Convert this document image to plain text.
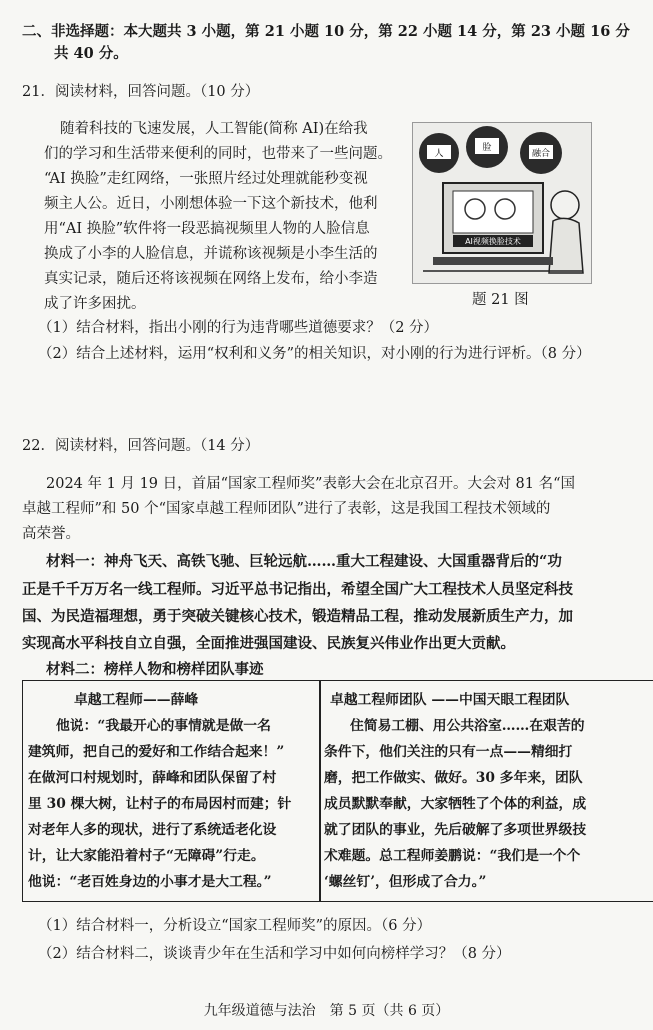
二、非选择题：本大题共 3 小题，第 21 小题 10 分，第 22 小题 14 分，第 23 小题 16 分
共 40 分。
21．阅读材料，回答问题。（10 分）
随着科技的飞速发展，人工智能(简称 AI)在给我
们的学习和生活带来便利的同时，也带来了一些问题。
“AI 换脸”走红网络，一张照片经过处理就能秒变视
频主人公。近日，小刚想体验一下这个新技术，他利
用“AI 换脸”软件将一段恶搞视频里人物的人脸信息
换成了小李的人脸信息，并谎称该视频是小李生活的
真实记录，随后还将该视频在网络上发布，给小李造
成了许多困扰。
人
脸
融合
AI视频换脸技术
题 21 图
（1）结合材料，指出小刚的行为违背哪些道德要求？（2 分）
（2）结合上述材料，运用“权利和义务”的相关知识，对小刚的行为进行评析。（8 分）
22．阅读材料，回答问题。（14 分）
2024 年 1 月 19 日，首届“国家工程师奖”表彰大会在北京召开。大会对 81 名“国
卓越工程师”和 50 个“国家卓越工程师团队”进行了表彰，这是我国工程技术领域的
高荣誉。
材料一：神舟飞天、高铁飞驰、巨轮远航……重大工程建设、大国重器背后的“功
正是千千万万名一线工程师。习近平总书记指出，希望全国广大工程技术人员坚定科技
国、为民造福理想，勇于突破关键核心技术，锻造精品工程，推动发展新质生产力，加
实现高水平科技自立自强，全面推进强国建设、民族复兴伟业作出更大贡献。
材料二：榜样人物和榜样团队事迹
卓越工程师——薛峰
他说：“我最开心的事情就是做一名
建筑师，把自己的爱好和工作结合起来！”
在做河口村规划时，薛峰和团队保留了村
里 30 棵大树，让村子的布局因村而建；针
对老年人多的现状，进行了系统适老化设
计，让大家能沿着村子“无障碍”行走。
他说：“老百姓身边的小事才是大工程。”
卓越工程师团队 ——中国天眼工程团队
住简易工棚、用公共浴室……在艰苦的
条件下，他们关注的只有一点——精细打
磨，把工作做实、做好。30 多年来，团队
成员默默奉献，大家牺牲了个体的利益，成
就了团队的事业，先后破解了多项世界级技
术难题。总工程师姜鹏说：“我们是一个个
‘螺丝钉’，但形成了合力。”
（1）结合材料一，分析设立“国家工程师奖”的原因。（6 分）
（2）结合材料二，谈谈青少年在生活和学习中如何向榜样学习？（8 分）
九年级道德与法治　第 5 页（共 6 页）
